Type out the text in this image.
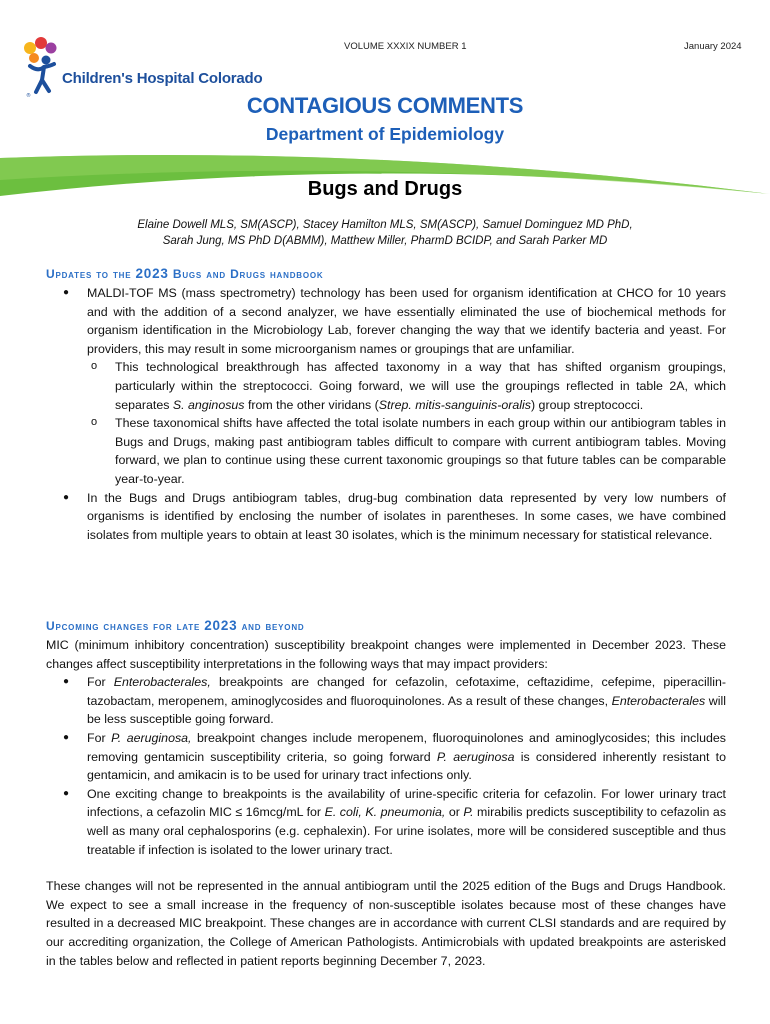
VOLUME XXXIX NUMBER 1	January 2024
®
Children's Hospital Colorado
CONTAGIOUS COMMENTS
Department of Epidemiology
Bugs and Drugs
Elaine Dowell MLS, SM(ASCP), Stacey Hamilton MLS, SM(ASCP), Samuel Dominguez MD PhD,
Sarah Jung, MS PhD D(ABMM), Matthew Miller, PharmD BCIDP, and Sarah Parker MD
Updates to the 2023 Bugs and Drugs handbook
● MALDI-TOF MS (mass spectrometry) technology has been used for organism identification at CHCO for 10 years and with the addition of a second analyzer, we have essentially eliminated the use of biochemical methods for organism identification in the Microbiology Lab, forever changing the way that we identify bacteria and yeast. For providers, this may result in some microorganism names or groupings that are unfamiliar.
o This technological breakthrough has affected taxonomy in a way that has shifted organism groupings, particularly within the streptococci. Going forward, we will use the groupings reflected in table 2A, which separates S. anginosus from the other viridans (Strep. mitis-sanguinis-oralis) group streptococci.
o These taxonomical shifts have affected the total isolate numbers in each group within our antibiogram tables in Bugs and Drugs, making past antibiogram tables difficult to compare with current antibiogram tables. Moving forward, we plan to continue using these current taxonomic groupings so that future tables can be comparable year-to-year.
● In the Bugs and Drugs antibiogram tables, drug-bug combination data represented by very low numbers of organisms is identified by enclosing the number of isolates in parentheses. In some cases, we have combined isolates from multiple years to obtain at least 30 isolates, which is the minimum necessary for statistical relevance.
Upcoming changes for late 2023 and beyond
MIC (minimum inhibitory concentration) susceptibility breakpoint changes were implemented in December 2023. These changes affect susceptibility interpretations in the following ways that may impact providers:
● For Enterobacterales, breakpoints are changed for cefazolin, cefotaxime, ceftazidime, cefepime, piperacillin-tazobactam, meropenem, aminoglycosides and fluoroquinolones. As a result of these changes, Enterobacterales will be less susceptible going forward.
● For P. aeruginosa, breakpoint changes include meropenem, fluoroquinolones and aminoglycosides; this includes removing gentamicin susceptibility criteria, so going forward P. aeruginosa is considered inherently resistant to gentamicin, and amikacin is to be used for urinary tract infections only.
● One exciting change to breakpoints is the availability of urine-specific criteria for cefazolin. For lower urinary tract infections, a cefazolin MIC ≤ 16mcg/mL for E. coli, K. pneumonia, or P. mirabilis predicts susceptibility to cefazolin as well as many oral cephalosporins (e.g. cephalexin). For urine isolates, more will be considered susceptible and thus treatable if infection is isolated to the lower urinary tract.
These changes will not be represented in the annual antibiogram until the 2025 edition of the Bugs and Drugs Handbook. We expect to see a small increase in the frequency of non-susceptible isolates because most of these changes have resulted in a decreased MIC breakpoint. These changes are in accordance with current CLSI standards and are required by our accrediting organization, the College of American Pathologists. Antimicrobials with updated breakpoints are asterisked in the tables below and reflected in patient reports beginning December 7, 2023.
